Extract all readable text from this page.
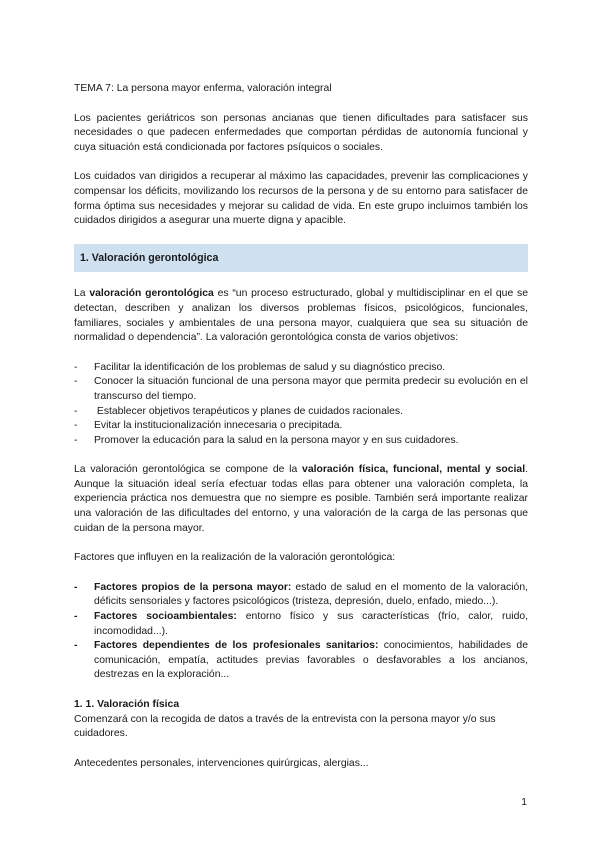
TEMA 7: La persona mayor enferma, valoración integral

Los pacientes geriátricos son personas ancianas que tienen dificultades para satisfacer sus necesidades o que padecen enfermedades que comportan pérdidas de autonomía funcional y cuya situación está condicionada por factores psíquicos o sociales.

Los cuidados van dirigidos a recuperar al máximo las capacidades, prevenir las complicaciones y compensar los déficits, movilizando los recursos de la persona y de su entorno para satisfacer de forma óptima sus necesidades y mejorar su calidad de vida. En este grupo incluimos también los cuidados dirigidos a asegurar una muerte digna y apacible.

1. Valoración gerontológica

La valoración gerontológica es “un proceso estructurado, global y multidisciplinar en el que se detectan, describen y analizan los diversos problemas físicos, psicológicos, funcionales, familiares, sociales y ambientales de una persona mayor, cualquiera que sea su situación de normalidad o dependencia”. La valoración gerontológica consta de varios objetivos:

- Facilitar la identificación de los problemas de salud y su diagnóstico preciso.
- Conocer la situación funcional de una persona mayor que permita predecir su evolución en el transcurso del tiempo.
- Establecer objetivos terapéuticos y planes de cuidados racionales.
- Evitar la institucionalización innecesaria o precipitada.
- Promover la educación para la salud en la persona mayor y en sus cuidadores.

La valoración gerontológica se compone de la valoración física, funcional, mental y social. Aunque la situación ideal sería efectuar todas ellas para obtener una valoración completa, la experiencia práctica nos demuestra que no siempre es posible. También será importante realizar una valoración de las dificultades del entorno, y una valoración de la carga de las personas que cuidan de la persona mayor.

Factores que influyen en la realización de la valoración gerontológica:

- Factores propios de la persona mayor: estado de salud en el momento de la valoración, déficits sensoriales y factores psicológicos (tristeza, depresión, duelo, enfado, miedo...).
- Factores socioambientales: entorno físico y sus características (frío, calor, ruido, incomodidad...).
- Factores dependientes de los profesionales sanitarios: conocimientos, habilidades de comunicación, empatía, actitudes previas favorables o desfavorables a los ancianos, destrezas en la exploración...

1. 1. Valoración física

Comenzará con la recogida de datos a través de la entrevista con la persona mayor y/o sus cuidadores.

Antecedentes personales, intervenciones quirúrgicas, alergias...

1
